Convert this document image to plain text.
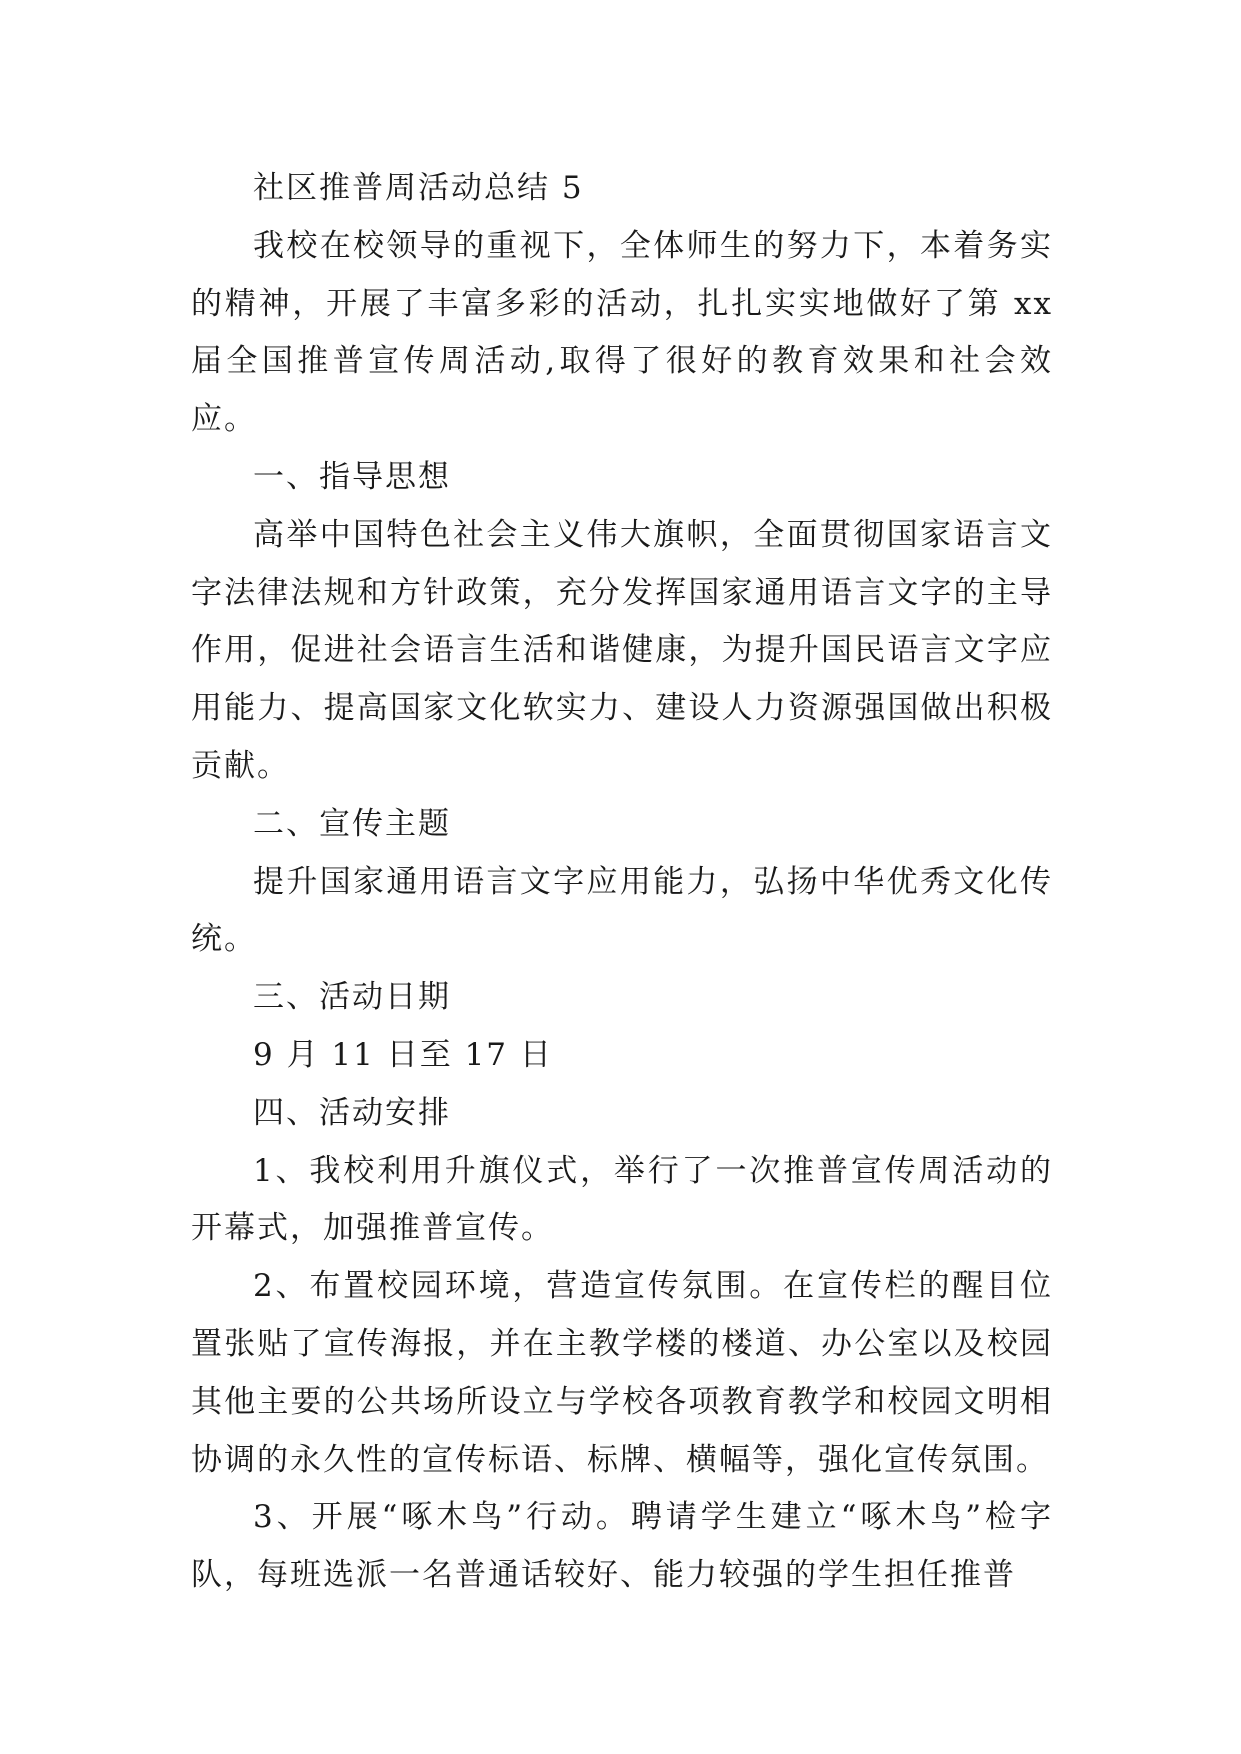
社区推普周活动总结 5

我校在校领导的重视下，全体师生的努力下，本着务实的精神，开展了丰富多彩的活动，扎扎实实地做好了第 xx 届全国推普宣传周活动,取得了很好的教育效果和社会效应。

一、指导思想

高举中国特色社会主义伟大旗帜，全面贯彻国家语言文字法律法规和方针政策，充分发挥国家通用语言文字的主导作用，促进社会语言生活和谐健康，为提升国民语言文字应用能力、提高国家文化软实力、建设人力资源强国做出积极贡献。

二、宣传主题

提升国家通用语言文字应用能力，弘扬中华优秀文化传统。

三、活动日期

9 月 11 日至 17 日

四、活动安排

1、我校利用升旗仪式，举行了一次推普宣传周活动的开幕式，加强推普宣传。

2、布置校园环境，营造宣传氛围。在宣传栏的醒目位置张贴了宣传海报，并在主教学楼的楼道、办公室以及校园其他主要的公共场所设立与学校各项教育教学和校园文明相协调的永久性的宣传标语、标牌、横幅等，强化宣传氛围。

3、开展“啄木鸟”行动。聘请学生建立“啄木鸟”检字队，每班选派一名普通话较好、能力较强的学生担任推普
